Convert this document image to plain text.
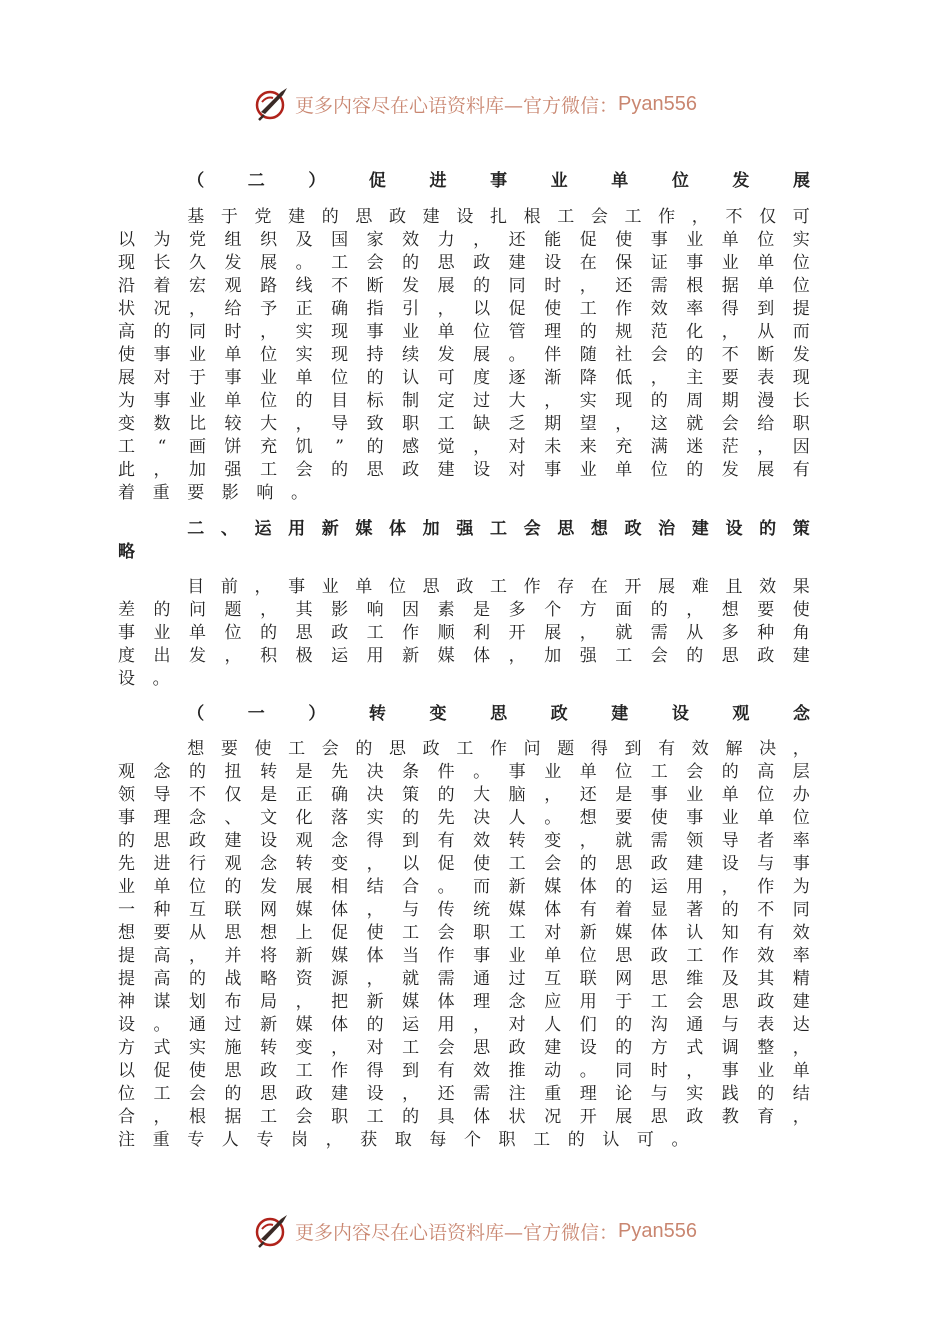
更多内容尽在心语资料库—官方微信： Pyan556
（	二	）	促	进	事	业	单	位	发	展
基 于 党 建 的 思 政 建 设 扎 根 工 会 工 作 ， 不 仅 可
以 为 党 组 织 及 国 家 效 力 ， 还 能 促 使 事 业 单 位 实
现 长 久 发 展 。 工 会 的 思 政 建 设 在 保 证 事 业 单 位
沿 着 宏 观 路 线 不 断 发 展 的 同 时 ， 还 需 根 据 单 位
状 况 ， 给 予 正 确 指 引 ， 以 促 使 工 作 效 率 得 到 提
高 的 同 时 ， 实 现 事 业 单 位 管 理 的 规 范 化 ， 从 而
使 事 业 单 位 实 现 持 续 发 展 。 伴 随 社 会 的 不 断 发
展 对 于 事 业 单 位 的 认 可 度 逐 渐 降 低 ， 主 要 表 现
为 事 业 单 位 的 目 标 制 定 过 大 ， 实 现 的 周 期 漫 长
变 数 比 较 大 ， 导 致 职 工 缺 乏 期 望 ， 这 就 会 给 职
工 “ 画 饼 充 饥 ” 的 感 觉 ， 对 未 来 充 满 迷 茫 ， 因
此 ， 加 强 工 会 的 思 政 建 设 对 事 业 单 位 的 发 展 有
着 重 要 影 响 。
二 、 运 用 新 媒 体 加 强 工 会 思 想 政 治 建 设 的 策
略
目 前 ， 事 业 单 位 思 政 工 作 存 在 开 展 难 且 效 果
差 的 问 题 ， 其 影 响 因 素 是 多 个 方 面 的 ， 想 要 使
事 业 单 位 的 思 政 工 作 顺 利 开 展 ， 就 需 从 多 种 角
度 出 发 ， 积 极 运 用 新 媒 体 ， 加 强 工 会 的 思 政 建
设 。
（	一	）	转	变	思	政	建	设	观	念
想 要 使 工 会 的 思 政 工 作 问 题 得 到 有 效 解 决 ，
观 念 的 扭 转 是 先 决 条 件 。 事 业 单 位 工 会 的 高 层
领 导 不 仅 是 正 确 决 策 的 大 脑 ， 还 是 事 业 单 位 办
事 理 念 、 文 化 落 实 的 先 决 人 。 想 要 使 事 业 单 位
的 思 政 建 设 观 念 得 到 有 效 转 变 ， 就 需 领 导 者 率
先 进 行 观 念 转 变 ， 以 促 使 工 会 的 思 政 建 设 与 事
业 单 位 的 发 展 相 结 合 。 而 新 媒 体 的 运 用 ， 作 为
一 种 互 联 网 媒 体 ， 与 传 统 媒 体 有 着 显 著 的 不 同
想 要 从 思 想 上 促 使 工 会 职 工 对 新 媒 体 认 知 有 效
提 高 ， 并 将 新 媒 体 当 作 事 业 单 位 思 政 工 作 效 率
提 高 的 战 略 资 源 ， 就 需 通 过 互 联 网 思 维 及 其 精
神 谋 划 布 局 ， 把 新 媒 体 理 念 应 用 于 工 会 思 政 建
设 。 通 过 新 媒 体 的 运 用 ， 对 人 们 的 沟 通 与 表 达
方 式 实 施 转 变 ， 对 工 会 思 政 建 设 的 方 式 调 整 ，
以 促 使 思 政 工 作 得 到 有 效 推 动 。 同 时 ， 事 业 单
位 工 会 的 思 政 建 设 ， 还 需 注 重 理 论 与 实 践 的 结
合 ， 根 据 工 会 职 工 的 具 体 状 况 开 展 思 政 教 育 ，
注 重 专 人 专 岗 ， 获 取 每 个 职 工 的 认 可 。
更多内容尽在心语资料库—官方微信： Pyan556
